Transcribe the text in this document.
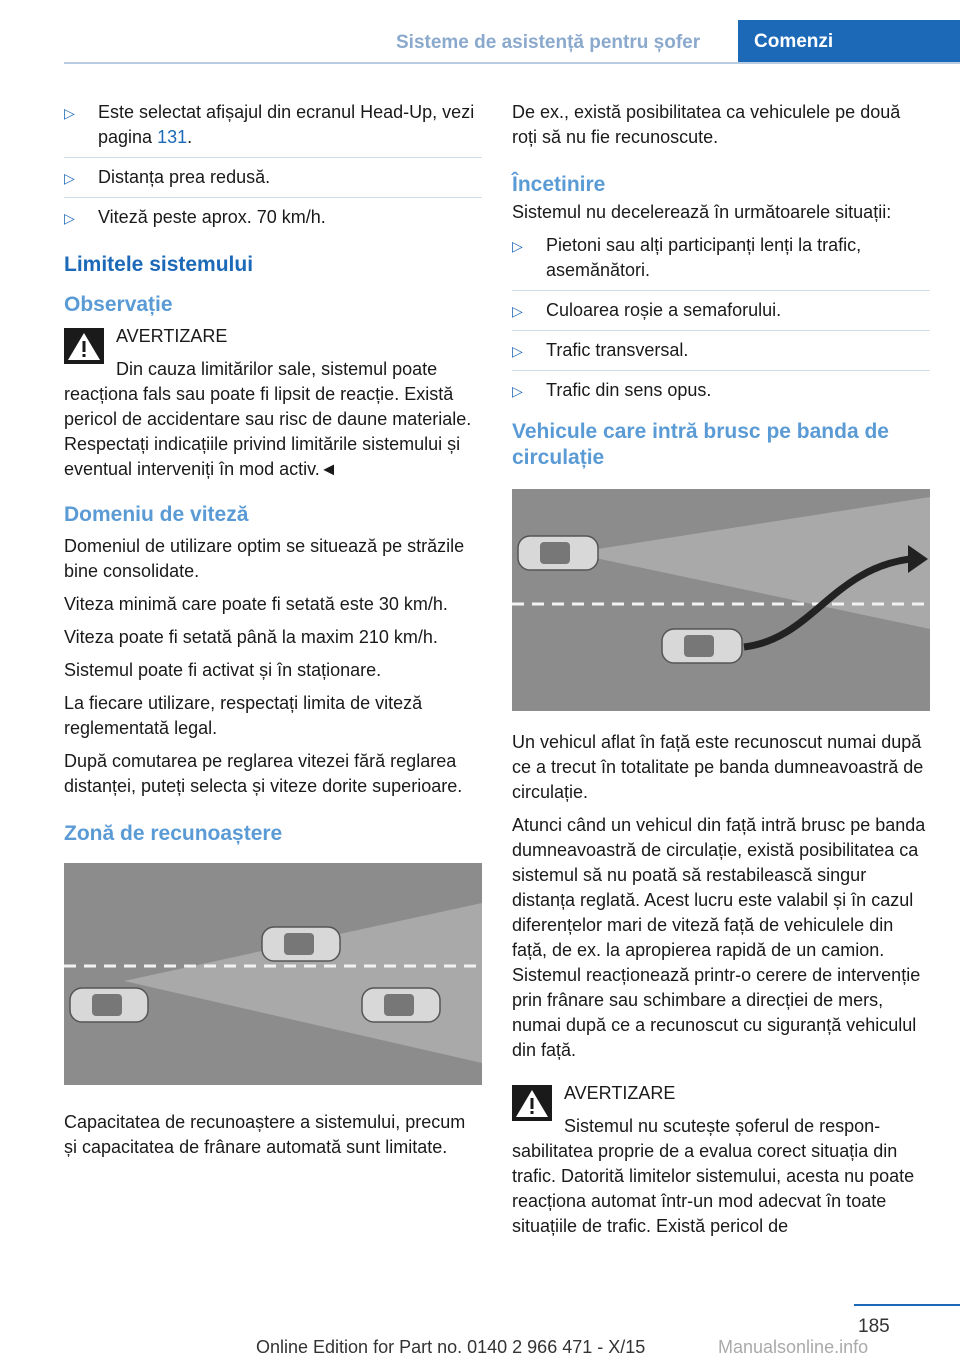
Sisteme de asistență pentru șofer	Comenzi
▷ Este selectat afișajul din ecranul Head-Up, vezi pagina 131.
▷ Distanța prea redusă.
▷ Viteză peste aprox. 70 km/h.
Limitele sistemului
Observație

AVERTIZARE

Din cauza limitărilor sale, sistemul poate reacționa fals sau poate fi lipsit de reacție. Există pericol de accidentare sau risc de daune materiale. Respectați indicațiile privind limitările sistemului și eventual interveniți în mod activ.◄

Domeniu de viteză

Domeniul de utilizare optim se situează pe străzile bine consolidate.

Viteza minimă care poate fi setată este 30 km/h.

Viteza poate fi setată până la maxim 210 km/h.

Sistemul poate fi activat și în staționare.

La fiecare utilizare, respectați limita de viteză reglementată legal.

După comutarea pe reglarea vitezei fără reglarea distanței, puteți selecta și viteze dorite superioare.

Zonă de recunoaștere

Capacitatea de recunoaștere a sistemului, precum și capacitatea de frânare automată sunt limitate.

De ex., există posibilitatea ca vehiculele pe două roți să nu fie recunoscute.

Încetinire

Sistemul nu decelerează în următoarele situații:

▷ Pietoni sau alți participanți lenți la trafic, asemănători.
▷ Culoarea roșie a semaforului.
▷ Trafic transversal.
▷ Trafic din sens opus.
Vehicule care intră brusc pe banda de circulație

Un vehicul aflat în față este recunoscut numai după ce a trecut în totalitate pe banda dumneavoastră de circulație.

Atunci când un vehicul din față intră brusc pe banda dumneavoastră de circulație, există posibilitatea ca sistemul să nu poată să restabilească singur distanța reglată. Acest lucru este valabil și în cazul diferențelor mari de viteză față de vehiculele din față, de ex. la apropierea rapidă de un camion. Sistemul reacționează printr-o cerere de intervenție prin frânare sau schimbare a direcției de mers, numai după ce a recunoscut cu siguranță vehiculul din față.

AVERTIZARE

Sistemul nu scutește șoferul de responsabilitatea proprie de a evalua corect situația din trafic. Datorită limitelor sistemului, acesta nu poate reacționa automat într-un mod adecvat în toate situațiile de trafic. Există pericol de

185
Online Edition for Part no. 0140 2 966 471 - X/15	Manualsonline.info
